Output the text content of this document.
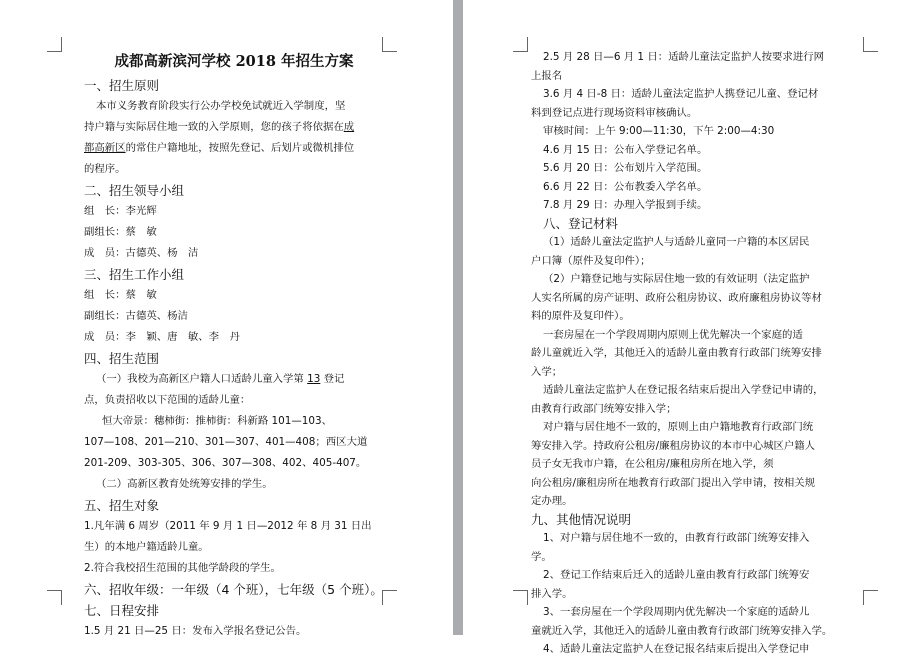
成都高新滨河学校 2018 年招生方案
一、招生原则
本市义务教育阶段实行公办学校免试就近入学制度，坚
持户籍与实际居住地一致的入学原则，您的孩子将依据在成
都高新区的常住户籍地址，按照先登记、后划片或微机排位
的程序。
二、招生领导小组
组　长：李光辉
副组长：蔡　敏
成　员：古德英、杨　洁
三、招生工作小组
组　长：蔡　敏
副组长：古德英、杨洁
成　员：李　颖、唐　敏、李　丹
四、招生范围
（一）我校为高新区户籍人口适龄儿童入学第 13 登记
点，负责招收以下范围的适龄儿童：
恒大帝景：穗柿街：推柿街：科新路 101—103、
107—108、201—210、301—307、401—408；西区大道
201-209、303-305、306、307—308、402、405-407。
（二）高新区教育处统筹安排的学生。
五、招生对象
1.凡年满 6 周岁（2011 年 9 月 1 日—2012 年 8 月 31 日出
生）的本地户籍适龄儿童。
2.符合我校招生范围的其他学龄段的学生。
六、招收年级：一年级（4 个班），七年级（5 个班）。
七、日程安排
1.5 月 21 日—25 日：发布入学报名登记公告。
2.5 月 28 日—6 月 1 日：适龄儿童法定监护人按要求进行网
上报名
3.6 月 4 日-8 日：适龄儿童法定监护人携登记儿童、登记材
料到登记点进行现场资料审核确认。
审核时间：上午 9:00—11:30，下午 2:00—4:30
4.6 月 15 日：公布入学登记名单。
5.6 月 20 日：公布划片入学范围。
6.6 月 22 日：公布教委入学名单。
7.8 月 29 日：办理入学报到手续。
八、登记材料
（1）适龄儿童法定监护人与适龄儿童同一户籍的本区居民
户口簿（原件及复印件）；
（2）户籍登记地与实际居住地一致的有效证明（法定监护
人实名所属的房产证明、政府公租房协议、政府廉租房协议等材
料的原件及复印件）。
一套房屋在一个学段周期内原则上优先解决一个家庭的适
龄儿童就近入学，其他迁入的适龄儿童由教育行政部门统筹安排
入学；
适龄儿童法定监护人在登记报名结束后提出入学登记申请的，
由教育行政部门统筹安排入学；
对户籍与居住地不一致的，原则上由户籍地教育行政部门统
筹安排入学。持政府公租房/廉租房协议的本市中心城区户籍人
员子女无我市户籍，在公租房/廉租房所在地入学，须
向公租房/廉租房所在地教育行政部门提出入学申请，按相关规
定办理。
九、其他情况说明
1、对户籍与居住地不一致的，由教育行政部门统筹安排入
学。
2、登记工作结束后迁入的适龄儿童由教育行政部门统筹安
排入学。
3、一套房屋在一个学段周期内优先解决一个家庭的适龄儿
童就近入学，其他迁入的适龄儿童由教育行政部门统筹安排入学。
4、适龄儿童法定监护人在登记报名结束后提出入学登记申
